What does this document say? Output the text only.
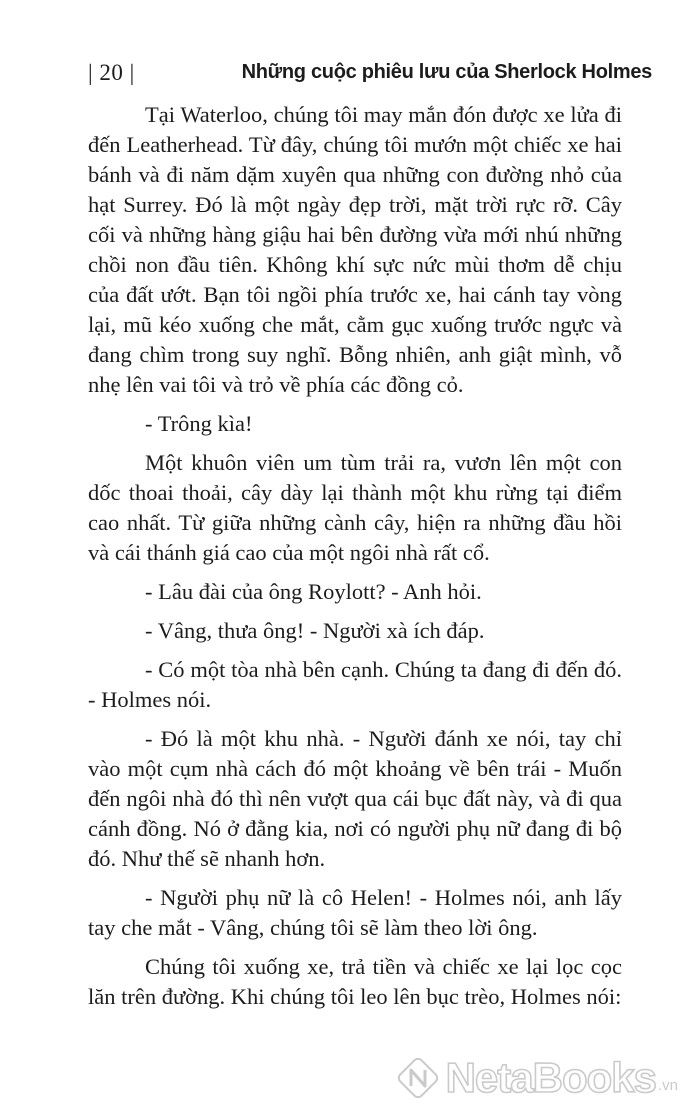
| 20 |	Những cuộc phiêu lưu của Sherlock Holmes

Tại Waterloo, chúng tôi may mắn đón được xe lửa đi đến Leatherhead. Từ đây, chúng tôi mướn một chiếc xe hai bánh và đi năm dặm xuyên qua những con đường nhỏ của hạt Surrey. Đó là một ngày đẹp trời, mặt trời rực rỡ. Cây cối và những hàng giậu hai bên đường vừa mới nhú những chồi non đầu tiên. Không khí sực nức mùi thơm dễ chịu của đất ướt. Bạn tôi ngồi phía trước xe, hai cánh tay vòng lại, mũ kéo xuống che mắt, cằm gục xuống trước ngực và đang chìm trong suy nghĩ. Bỗng nhiên, anh giật mình, vỗ nhẹ lên vai tôi và trỏ về phía các đồng cỏ.

- Trông kìa!

Một khuôn viên um tùm trải ra, vươn lên một con dốc thoai thoải, cây dày lại thành một khu rừng tại điểm cao nhất. Từ giữa những cành cây, hiện ra những đầu hồi và cái thánh giá cao của một ngôi nhà rất cổ.

- Lâu đài của ông Roylott? - Anh hỏi.

- Vâng, thưa ông! - Người xà ích đáp.

- Có một tòa nhà bên cạnh. Chúng ta đang đi đến đó. - Holmes nói.

- Đó là một khu nhà. - Người đánh xe nói, tay chỉ vào một cụm nhà cách đó một khoảng về bên trái - Muốn đến ngôi nhà đó thì nên vượt qua cái bục đất này, và đi qua cánh đồng. Nó ở đằng kia, nơi có người phụ nữ đang đi bộ đó. Như thế sẽ nhanh hơn.

- Người phụ nữ là cô Helen! - Holmes nói, anh lấy tay che mắt - Vâng, chúng tôi sẽ làm theo lời ông.

Chúng tôi xuống xe, trả tiền và chiếc xe lại lọc cọc lăn trên đường. Khi chúng tôi leo lên bục trèo, Holmes nói:

NetaBooks .vn
